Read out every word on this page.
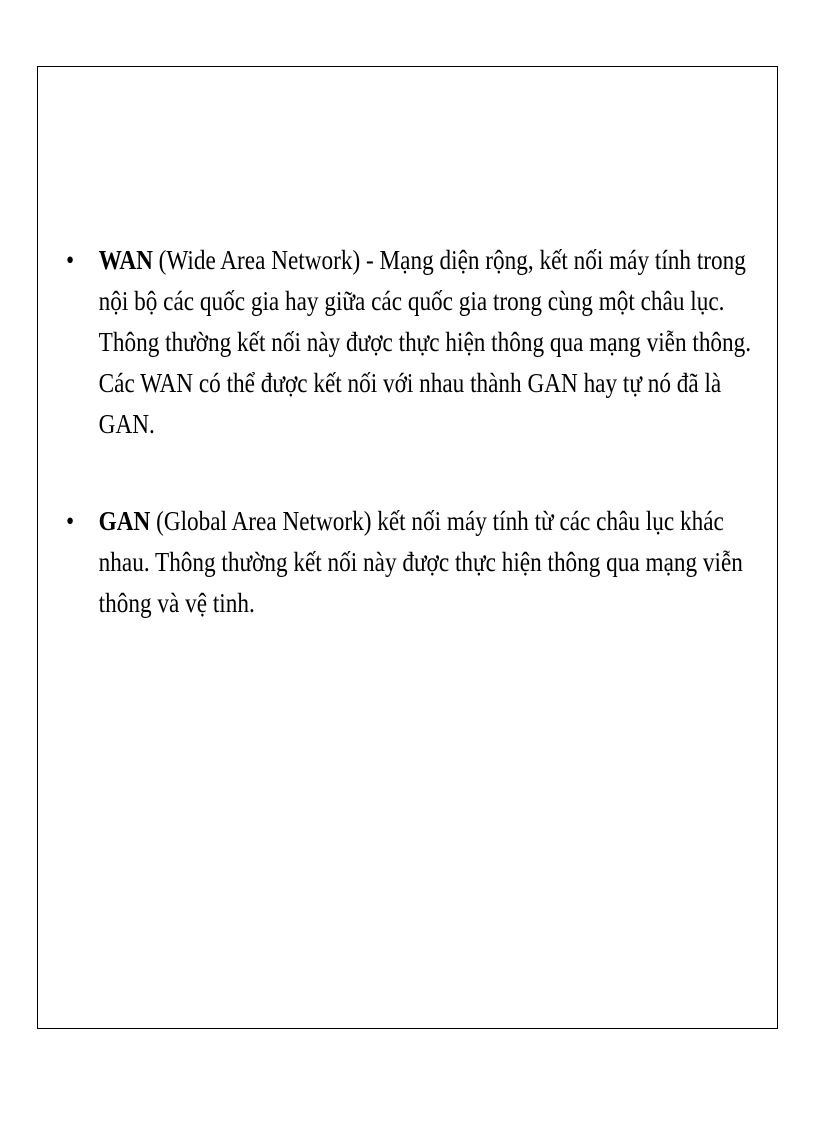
• WAN (Wide Area Network) - Mạng diện rộng, kết nối máy tính trong nội bộ các quốc gia hay giữa các quốc gia trong cùng một châu lục. Thông thường kết nối này được thực hiện thông qua mạng viễn thông. Các WAN có thể được kết nối với nhau thành GAN hay tự nó đã là GAN.
• GAN (Global Area Network) kết nối máy tính từ các châu lục khác nhau. Thông thường kết nối này được thực hiện thông qua mạng viễn thông và vệ tinh.
